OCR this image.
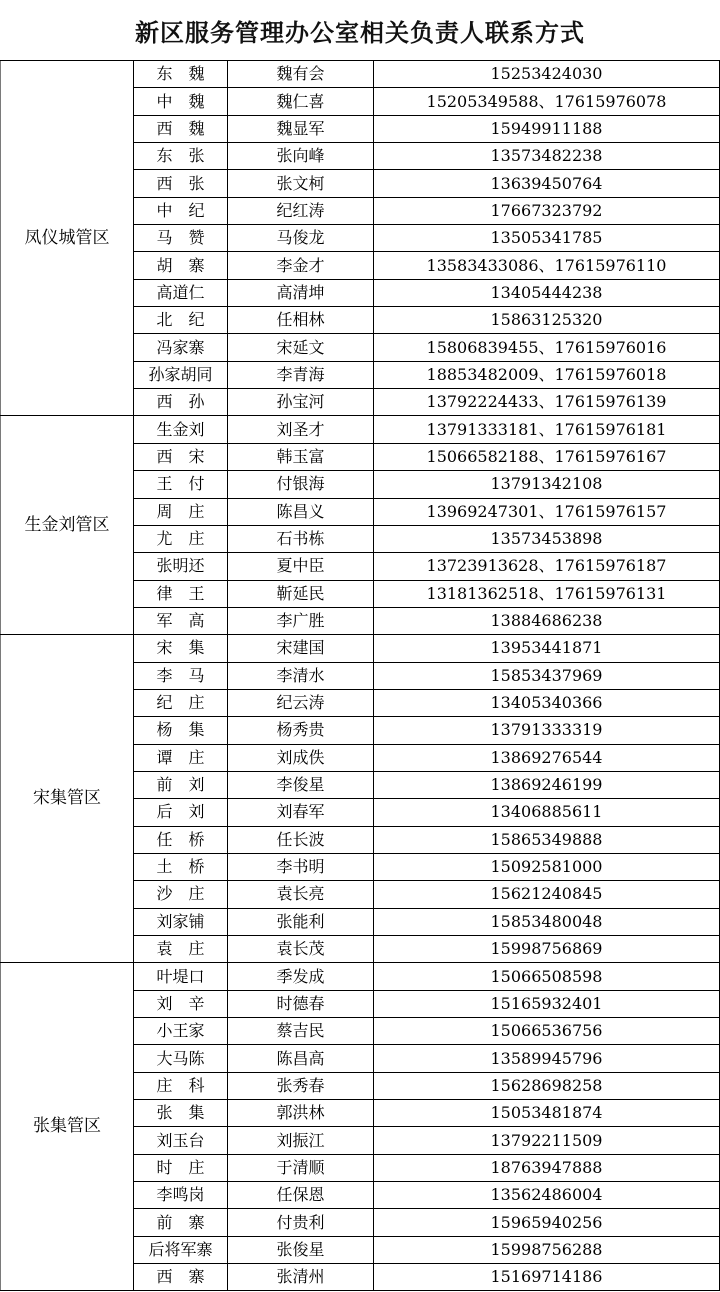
新区服务管理办公室相关负责人联系方式
凤仪城管区	东　魏	魏有会	15253424030
	中　魏	魏仁喜	15205349588、17615976078
	西　魏	魏显军	15949911188
	东　张	张向峰	13573482238
	西　张	张文柯	13639450764
	中　纪	纪红涛	17667323792
	马　赞	马俊龙	13505341785
	胡　寨	李金才	13583433086、17615976110
	高道仁	高清坤	13405444238
	北　纪	任相林	15863125320
	冯家寨	宋延文	15806839455、17615976016
	孙家胡同	李青海	18853482009、17615976018
	西　孙	孙宝河	13792224433、17615976139
生金刘管区	生金刘	刘圣才	13791333181、17615976181
	西　宋	韩玉富	15066582188、17615976167
	王　付	付银海	13791342108
	周　庄	陈昌义	13969247301、17615976157
	尤　庄	石书栋	13573453898
	张明还	夏中臣	13723913628、17615976187
	律　王	靳延民	13181362518、17615976131
	军　高	李广胜	13884686238
宋集管区	宋　集	宋建国	13953441871
	李　马	李清水	15853437969
	纪　庄	纪云涛	13405340366
	杨　集	杨秀贵	13791333319
	谭　庄	刘成佚	13869276544
	前　刘	李俊星	13869246199
	后　刘	刘春军	13406885611
	任　桥	任长波	15865349888
	土　桥	李书明	15092581000
	沙　庄	袁长亮	15621240845
	刘家铺	张能利	15853480048
	袁　庄	袁长茂	15998756869
张集管区	叶堤口	季发成	15066508598
	刘　辛	时德春	15165932401
	小王家	蔡吉民	15066536756
	大马陈	陈昌高	13589945796
	庄　科	张秀春	15628698258
	张　集	郭洪林	15053481874
	刘玉台	刘振江	13792211509
	时　庄	于清顺	18763947888
	李鸣岗	任保恩	13562486004
	前　寨	付贵利	15965940256
	后将军寨	张俊星	15998756288
	西　寨	张清州	15169714186
